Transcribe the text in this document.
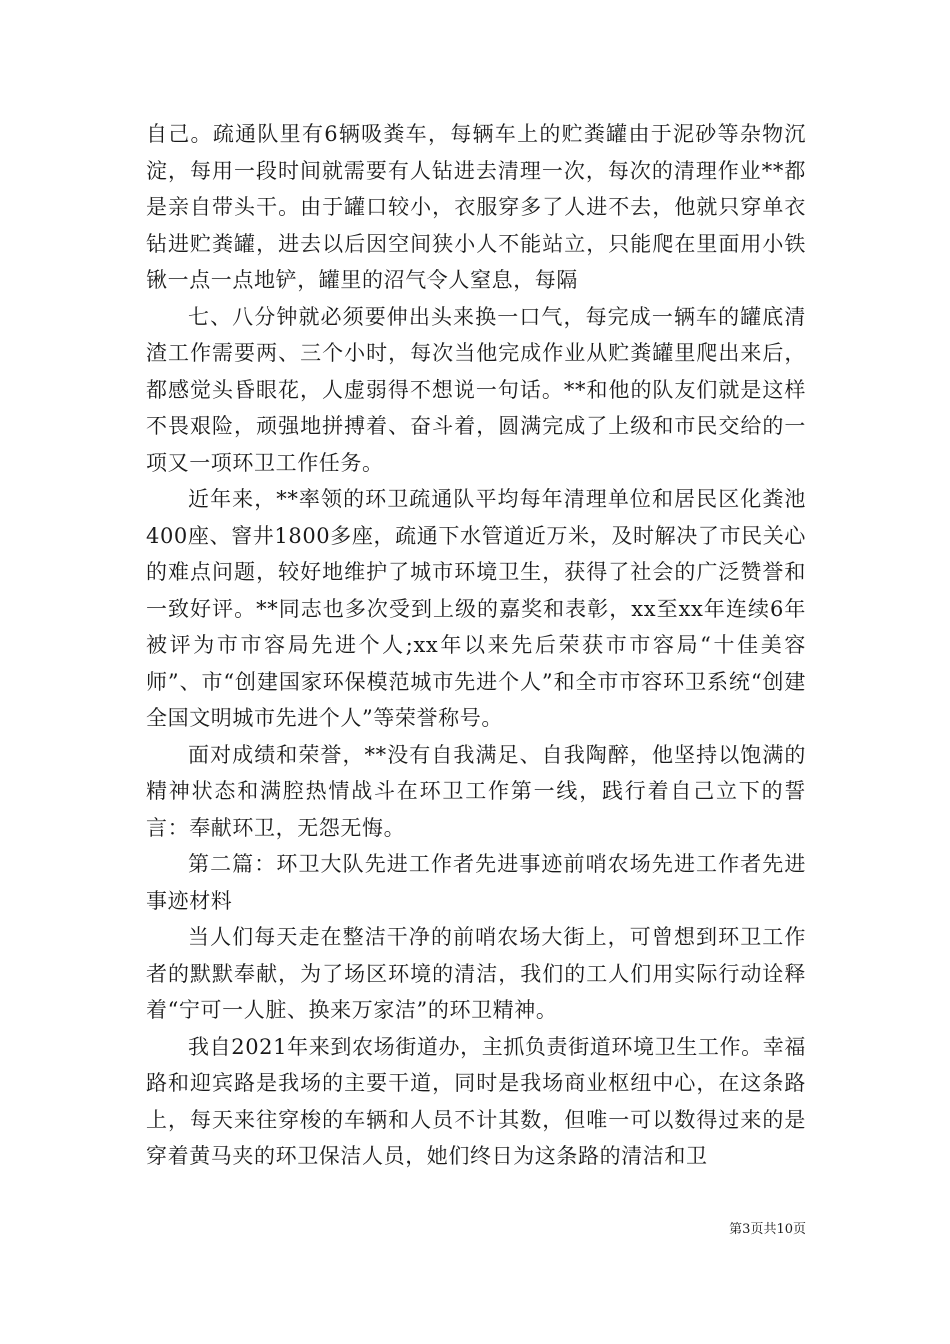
自己。疏通队里有6辆吸粪车，每辆车上的贮粪罐由于泥砂等杂物沉淀，每用一段时间就需要有人钻进去清理一次，每次的清理作业**都是亲自带头干。由于罐口较小，衣服穿多了人进不去，他就只穿单衣钻进贮粪罐，进去以后因空间狭小人不能站立，只能爬在里面用小铁锹一点一点地铲，罐里的沼气令人窒息，每隔

七、八分钟就必须要伸出头来换一口气，每完成一辆车的罐底清渣工作需要两、三个小时，每次当他完成作业从贮粪罐里爬出来后，都感觉头昏眼花，人虚弱得不想说一句话。**和他的队友们就是这样不畏艰险，顽强地拼搏着、奋斗着，圆满完成了上级和市民交给的一项又一项环卫工作任务。

近年来，**率领的环卫疏通队平均每年清理单位和居民区化粪池400座、窨井1800多座，疏通下水管道近万米，及时解决了市民关心的难点问题，较好地维护了城市环境卫生，获得了社会的广泛赞誉和一致好评。**同志也多次受到上级的嘉奖和表彰，xx至xx年连续6年被评为市市容局先进个人;xx年以来先后荣获市市容局“十佳美容师”、市“创建国家环保模范城市先进个人”和全市市容环卫系统“创建全国文明城市先进个人”等荣誉称号。

面对成绩和荣誉，**没有自我满足、自我陶醉，他坚持以饱满的精神状态和满腔热情战斗在环卫工作第一线，践行着自己立下的誓言：奉献环卫，无怨无悔。

第二篇：环卫大队先进工作者先进事迹前哨农场先进工作者先进事迹材料

当人们每天走在整洁干净的前哨农场大街上，可曾想到环卫工作者的默默奉献，为了场区环境的清洁，我们的工人们用实际行动诠释着“宁可一人脏、换来万家洁”的环卫精神。

我自2021年来到农场街道办，主抓负责街道环境卫生工作。幸福路和迎宾路是我场的主要干道，同时是我场商业枢纽中心，在这条路上，每天来往穿梭的车辆和人员不计其数，但唯一可以数得过来的是穿着黄马夹的环卫保洁人员，她们终日为这条路的清洁和卫

第3页共10页
